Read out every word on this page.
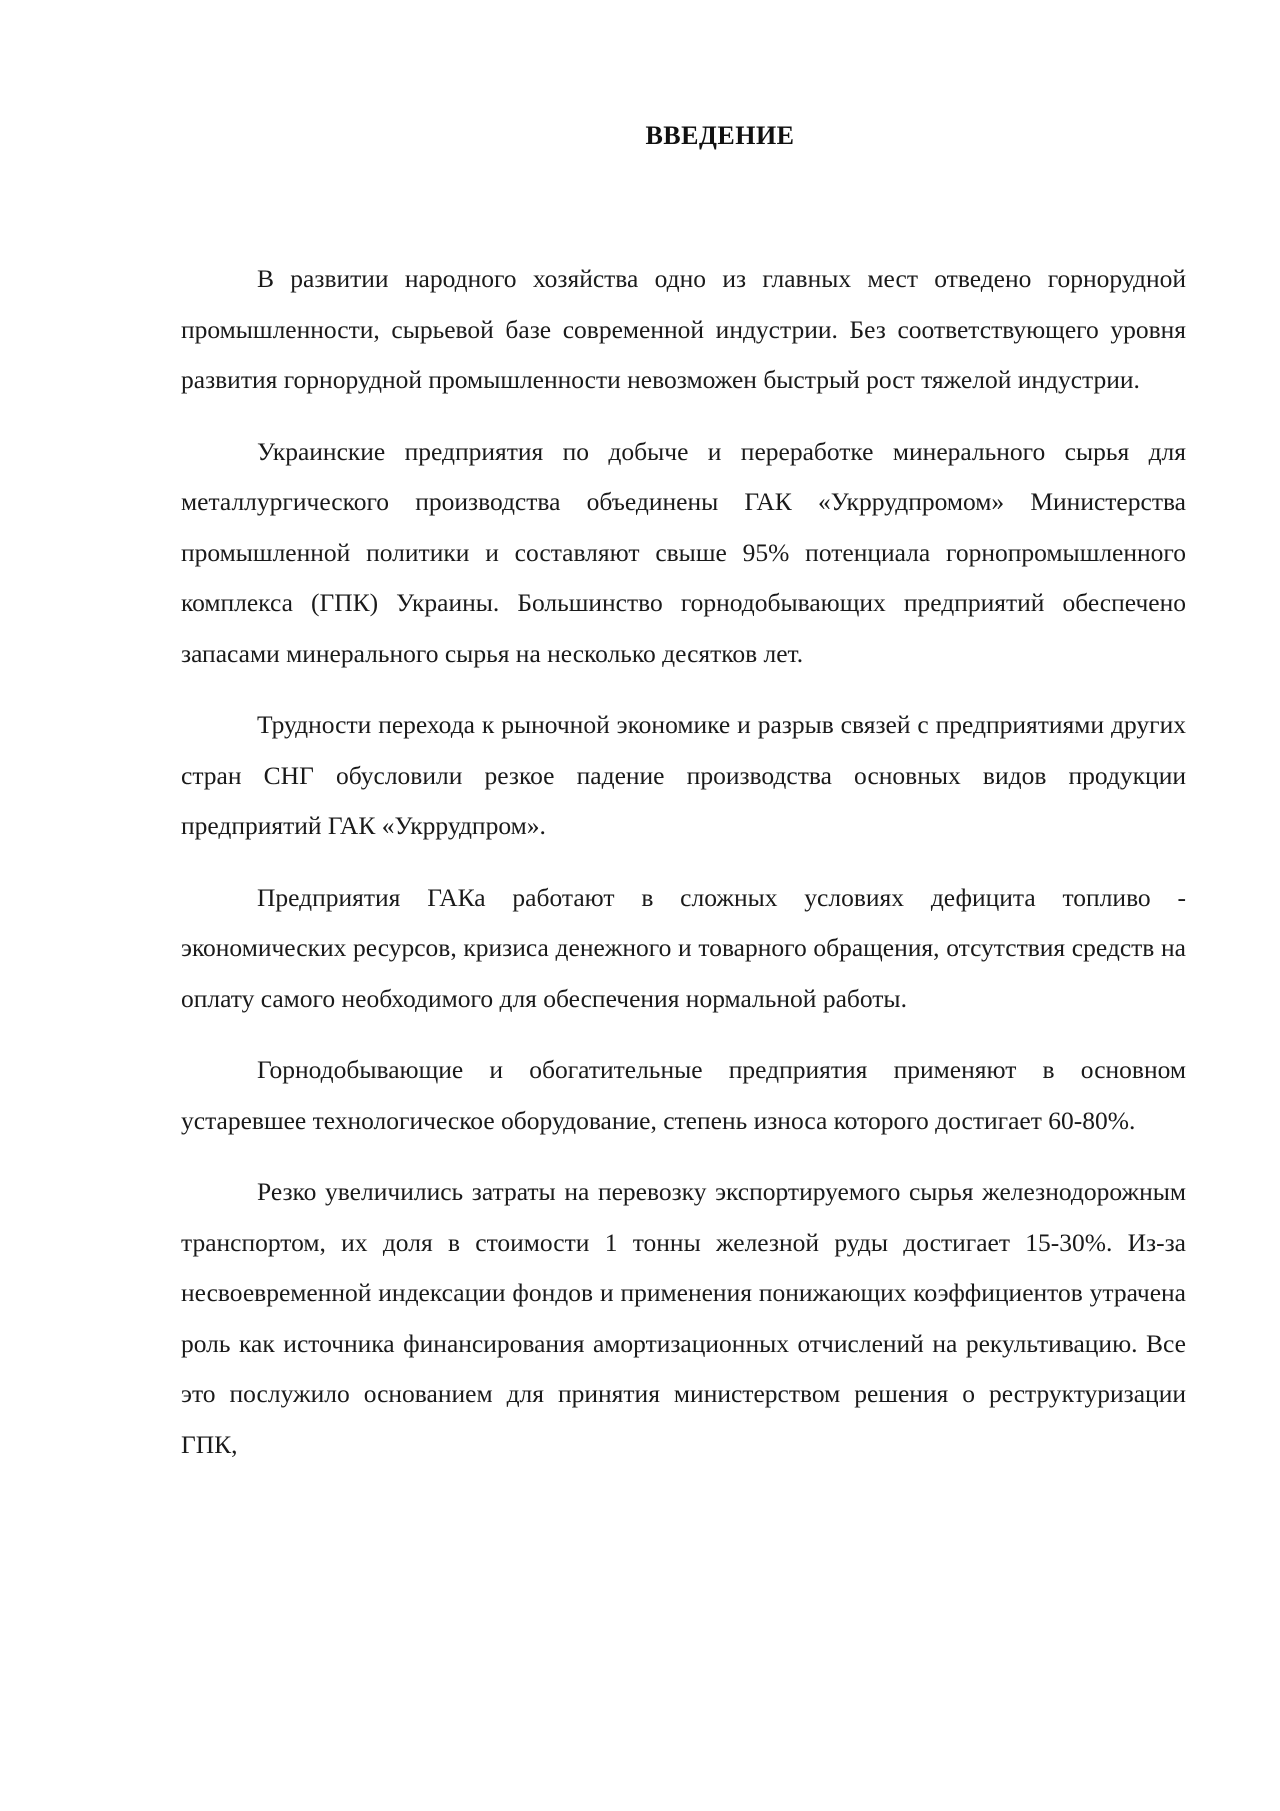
ВВЕДЕНИЕ

В развитии народного хозяйства одно из главных мест отведено горнорудной промышленности, сырьевой базе современной индустрии. Без соответствующего уровня развития горнорудной промышленности невозможен быстрый рост тяжелой индустрии.

Украинские предприятия по добыче и переработке минерального сырья для металлургического производства объединены ГАК «Укррудпромом» Министерства промышленной политики и составляют свыше 95% потенциала горнопромышленного комплекса (ГПК) Украины. Большинство горнодобывающих предприятий обеспечено запасами минерального сырья на несколько десятков лет.

Трудности перехода к рыночной экономике и разрыв связей с предприятиями других стран СНГ обусловили резкое падение производства основных видов продукции предприятий ГАК «Укррудпром».

Предприятия ГАКа работают в сложных условиях дефицита топливо - экономических ресурсов, кризиса денежного и товарного обращения, отсутствия средств на оплату самого необходимого для обеспечения нормальной работы.

Горнодобывающие и обогатительные предприятия применяют в основном устаревшее технологическое оборудование, степень износа которого достигает 60-80%.

Резко увеличились затраты на перевозку экспортируемого сырья железнодорожным транспортом, их доля в стоимости 1 тонны железной руды достигает 15-30%. Из-за несвоевременной индексации фондов и применения понижающих коэффициентов утрачена роль как источника финансирования амортизационных отчислений на рекультивацию. Все это послужило основанием для принятия министерством решения о реструктуризации ГПК,
